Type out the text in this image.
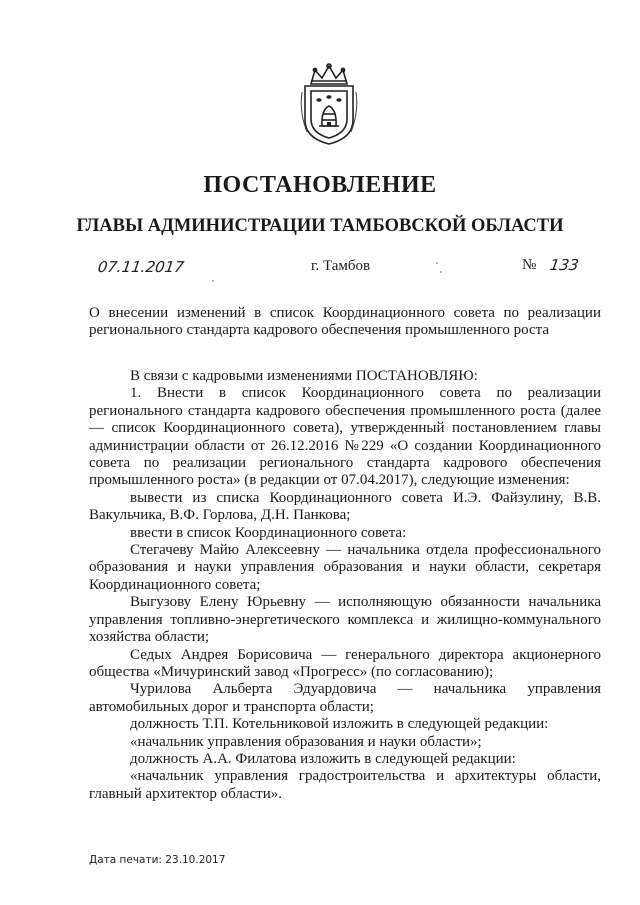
ПОСТАНОВЛЕНИЕ
ГЛАВЫ АДМИНИСТРАЦИИ ТАМБОВСКОЙ ОБЛАСТИ
07.11.2017	г. Тамбов	№ 133
О внесении изменений в список Координационного совета по реализации регионального стандарта кадрового обеспечения промышленного роста

В связи с кадровыми изменениями ПОСТАНОВЛЯЮ:

1. Внести в список Координационного совета по реализации регионального стандарта кадрового обеспечения промышленного роста (далее — список Координационного совета), утвержденный постановлением главы администрации области от 26.12.2016 №229 «О создании Координационного совета по реализации регионального стандарта кадрового обеспечения промышленного роста» (в редакции от 07.04.2017), следующие изменения:

вывести из списка Координационного совета И.Э. Файзулину, В.В. Вакульчика, В.Ф. Горлова, Д.Н. Панкова;

ввести в список Координационного совета:

Стегачеву Майю Алексеевну — начальника отдела профессионального образования и науки управления образования и науки области, секретаря Координационного совета;

Выгузову Елену Юрьевну — исполняющую обязанности начальника управления топливно-энергетического комплекса и жилищно-коммунального хозяйства области;

Седых Андрея Борисовича — генерального директора акционерного общества «Мичуринский завод «Прогресс» (по согласованию);

Чурилова Альберта Эдуардовича — начальника управления автомобильных дорог и транспорта области;

должность Т.П. Котельниковой изложить в следующей редакции:

«начальник управления образования и науки области»;

должность А.А. Филатова изложить в следующей редакции:

«начальник управления градостроительства и архитектуры области, главный архитектор области».

Дата печати: 23.10.2017
